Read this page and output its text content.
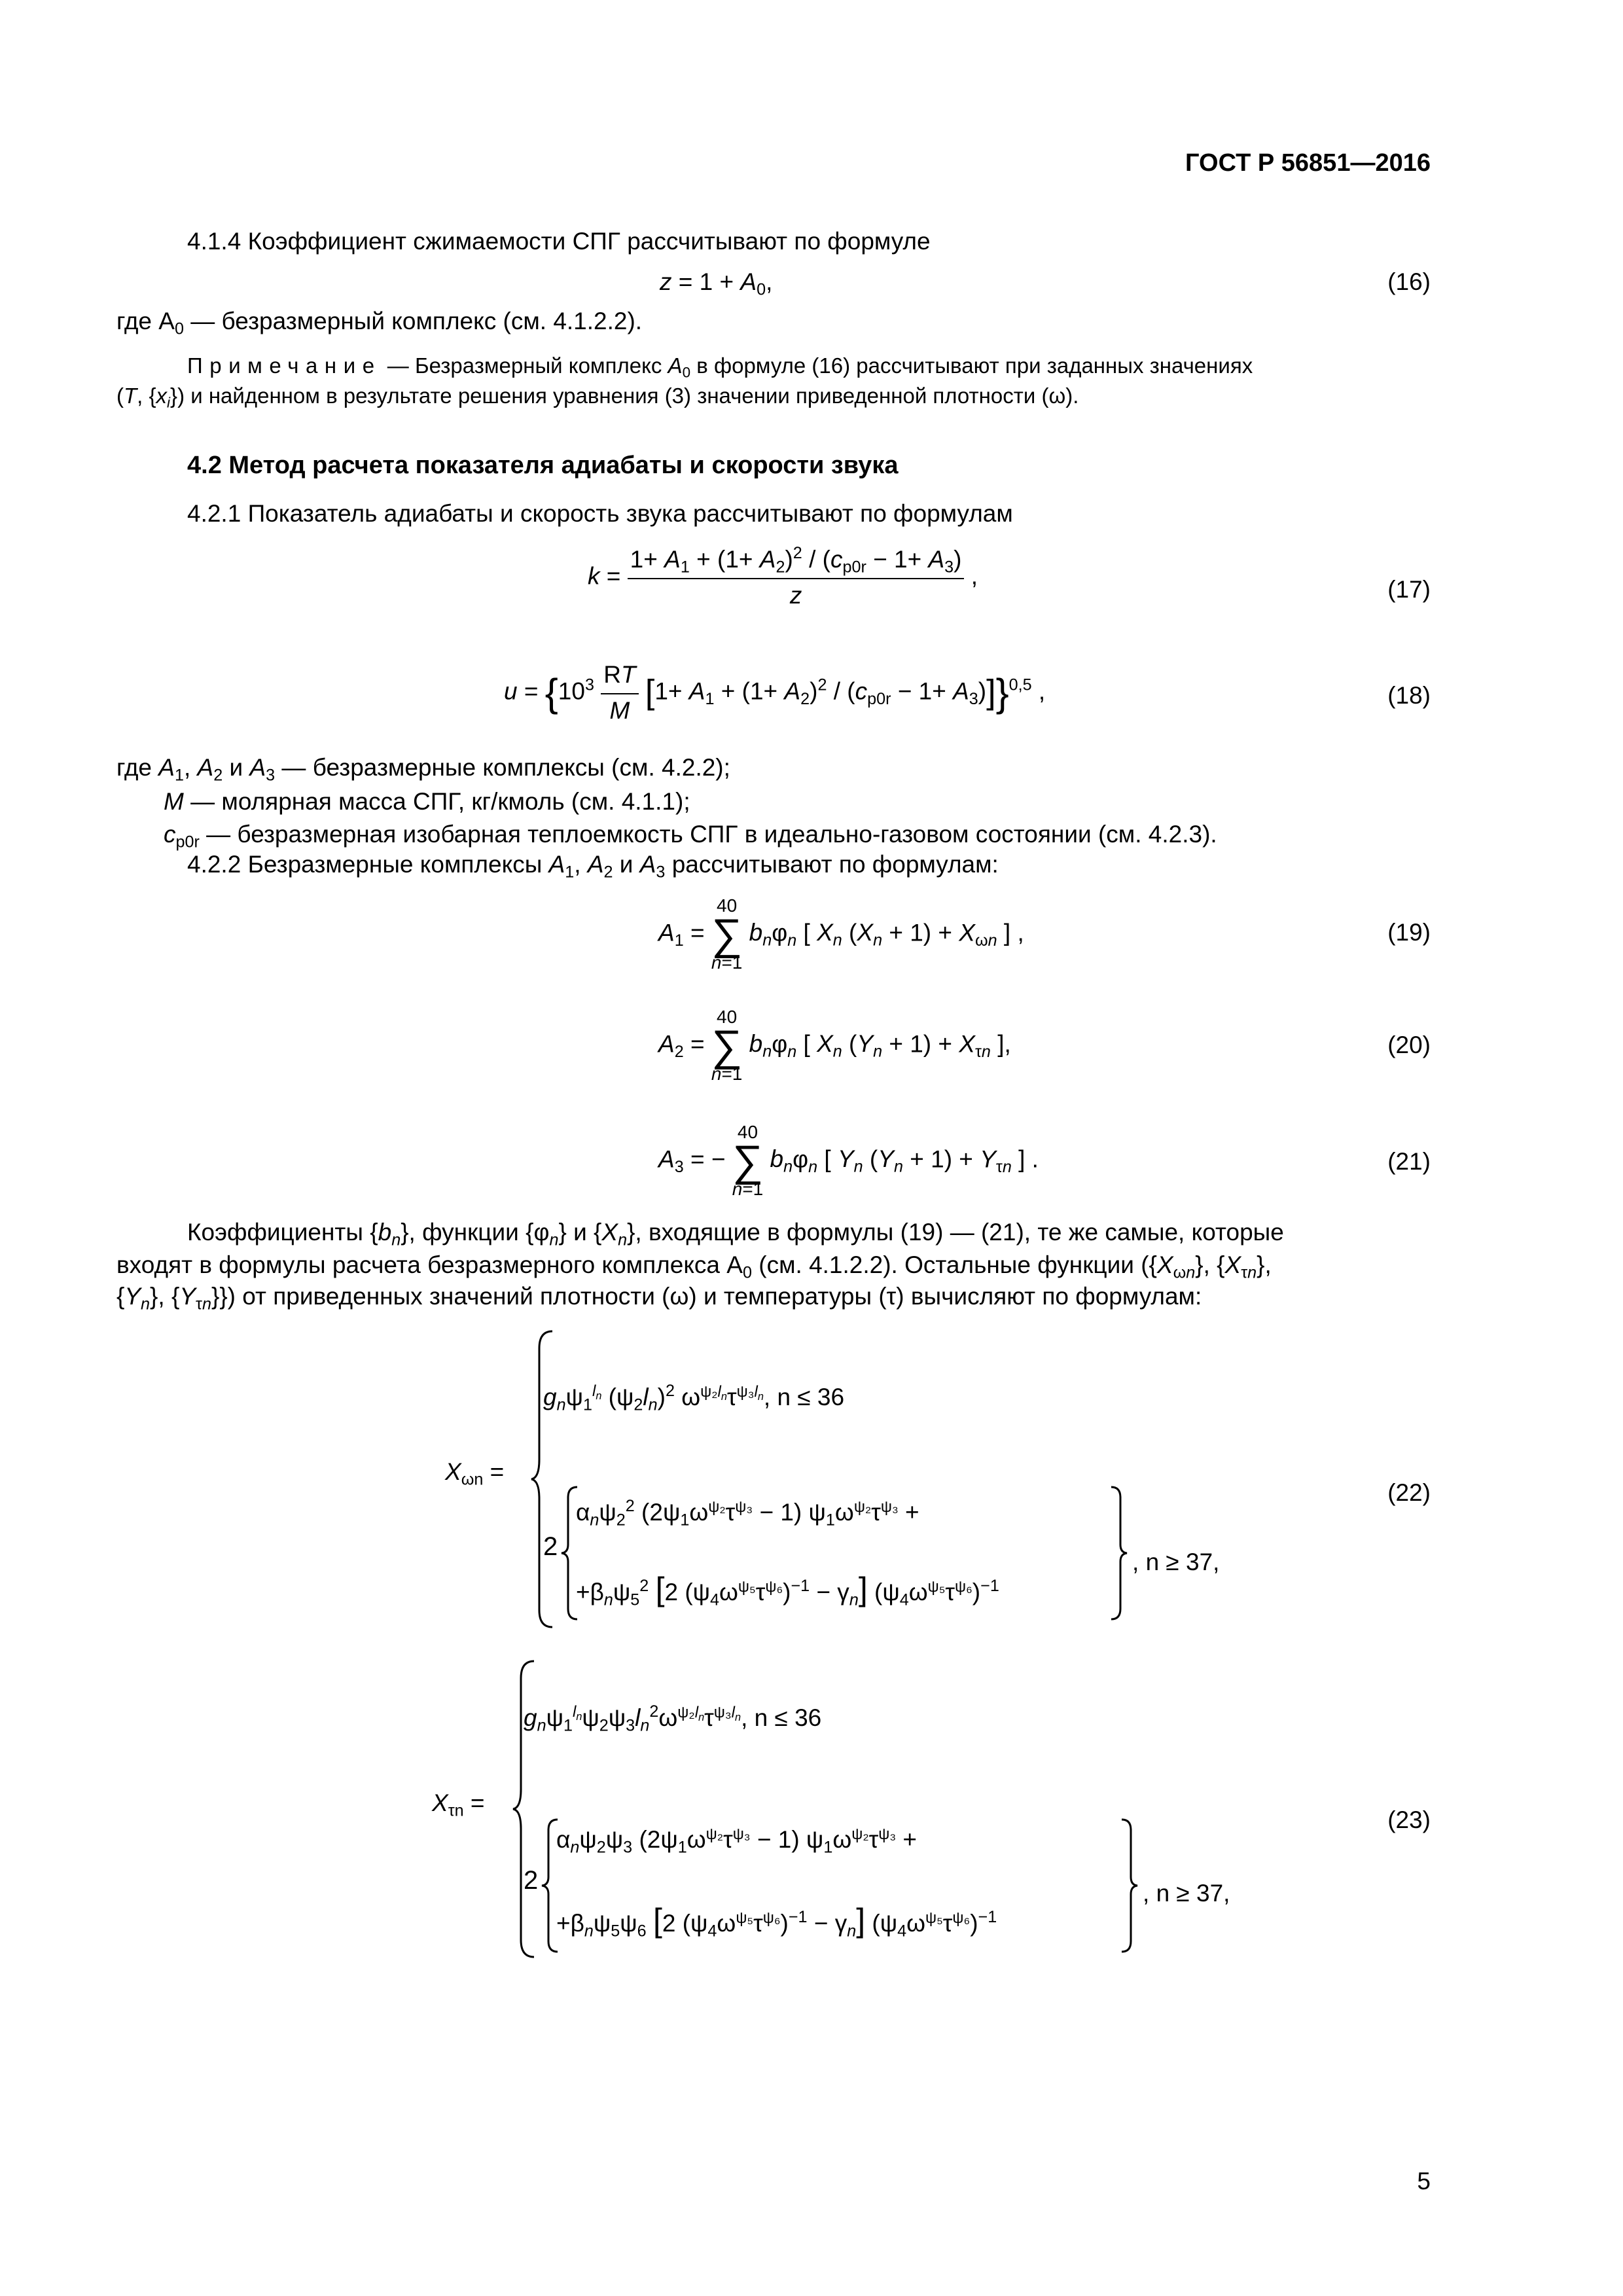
ГОСТ Р 56851—2016
4.1.4 Коэффициент сжимаемости СПГ рассчитывают по формуле
$z = 1 + A_0$,	(16)
где $A_0$ — безразмерный комплекс (см. 4.1.2.2).
Примечание — Безразмерный комплекс $A_0$ в формуле (16) рассчитывают при заданных значениях
(T, $\{x_i\}$) и найденном в результате решения уравнения (3) значении приведенной плотности (ω).
4.2 Метод расчета показателя адиабаты и скорости звука
4.2.1 Показатель адиабаты и скорость звука рассчитывают по формулам
$k = \frac{1+ A_1 + (1+ A_2)^2 / (c_{p0r} - 1+ A_3)}{z}$ ,
(17)
$u = \{10^3 \frac{RT}{M} [1+ A_1 + (1+ A_2)^2 / (c_{p0r} - 1+ A_3)]\}^{0,5}$ ,	(18)
где $A_1$, $A_2$ и $A_3$ — безразмерные комплексы (см. 4.2.2);
M — молярная масса СПГ, кг/кмоль (см. 4.1.1);
$c_{p0r}$ — безразмерная изобарная теплоемкость СПГ в идеально-газовом состоянии (см. 4.2.3).
4.2.2 Безразмерные комплексы $A_1$, $A_2$ и $A_3$ рассчитывают по формулам:
$A_1$ =
40
∑
n=1
$b_n\varphi_n$ [ $X_n$ $(X_n + 1) + X_{\omega n}$ ] ,	(19)
$A_2$ =
40
∑
n=1
$b_n\varphi_n$ [ $X_n$ $(Y_n + 1) + X_{\tau n}$ ],	(20)
$A_3$ = −
40
∑
n=1
$b_n\varphi_n$ [ $Y_n$ $(Y_n + 1) + Y_{\tau n}$ ] .	(21)
Коэффициенты $\{b_n\}$, функции $\{\varphi_n\}$ и $\{X_n\}$, входящие в формулы (19) — (21), те же самые, которые
входят в формулы расчета безразмерного комплекса $A_0$ (см. 4.1.2.2). Остальные функции ($\{X_{\omega n}\}$, $\{X_{\tau n}\}$,
$\{Y_n\}$, $\{Y_{\tau n}\}$}) от приведенных значений плотности (ω) и температуры (τ) вычисляют по формулам:
$X_{\omega n}$ =
$g_n\psi_1^{l_n}$ $(\psi_2l_n)^2$ $\omega^{\psi_2l_n}\tau^{\psi_3l_n}$, n ≤ 36
2
$\alpha_n\psi_2^2$ $(2\psi_1\omega^{\psi_2}\tau^{\psi_3} - 1) \psi_1\omega^{\psi_2}\tau^{\psi_3}$ +
$+\beta_n\psi_5^2$ [2 $(\psi_4\omega^{\psi_5}\tau^{\psi_6})^{-1} - \gamma_n$] $(\psi_4\omega^{\psi_5}\tau^{\psi_6})^{-1}$
, n ≥ 37,
(22)
$X_{\tau n}$ =
$g_n\psi_1^{l_n}\psi_2\psi_3l_n^2\omega^{\psi_2l_n}\tau^{\psi_3l_n}$, n ≤ 36
2
$\alpha_n\psi_2\psi_3$ $(2\psi_1\omega^{\psi_2}\tau^{\psi_3} - 1) \psi_1\omega^{\psi_2}\tau^{\psi_3}$ +
$+\beta_n\psi_5\psi_6$ [2 $(\psi_4\omega^{\psi_5}\tau^{\psi_6})^{-1} - \gamma_n$] $(\psi_4\omega^{\psi_5}\tau^{\psi_6})^{-1}$
, n ≥ 37,
(23)
5
